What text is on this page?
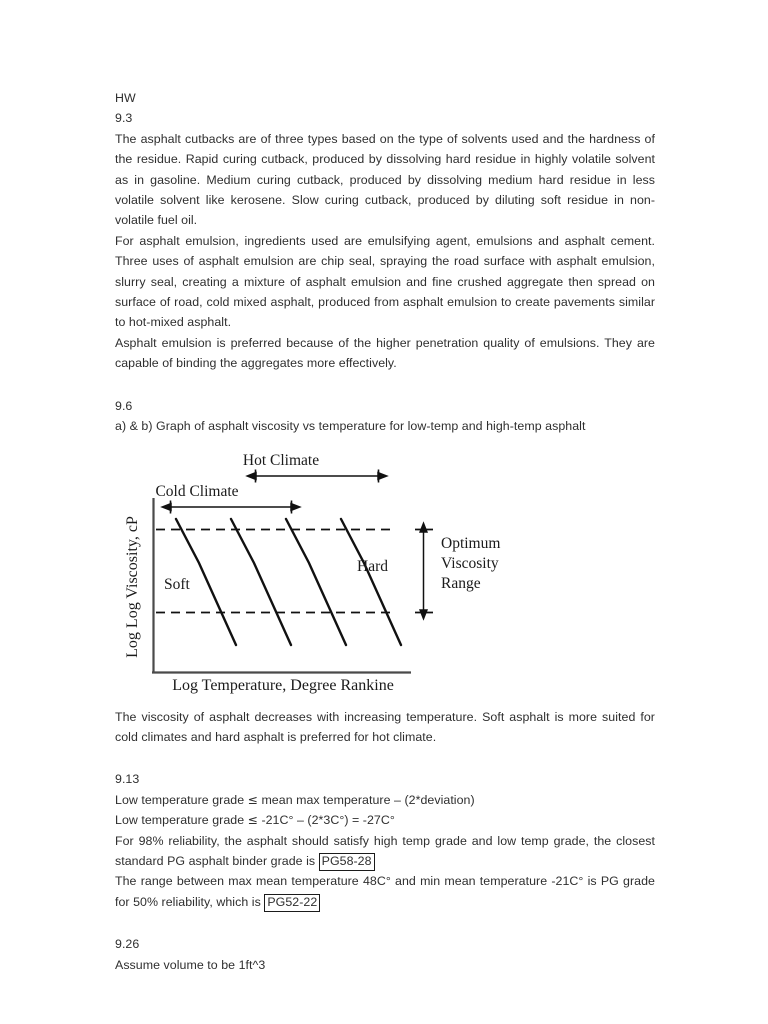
HW
9.3

The asphalt cutbacks are of three types based on the type of solvents used and the hardness of the residue. Rapid curing cutback, produced by dissolving hard residue in highly volatile solvent as in gasoline. Medium curing cutback, produced by dissolving medium hard residue in less volatile solvent like kerosene. Slow curing cutback, produced by diluting soft residue in non-volatile fuel oil.

For asphalt emulsion, ingredients used are emulsifying agent, emulsions and asphalt cement. Three uses of asphalt emulsion are chip seal, spraying the road surface with asphalt emulsion, slurry seal, creating a mixture of asphalt emulsion and fine crushed aggregate then spread on surface of road, cold mixed asphalt, produced from asphalt emulsion to create pavements similar to hot-mixed asphalt.

Asphalt emulsion is preferred because of the higher penetration quality of emulsions. They are capable of binding the aggregates more effectively.

9.6
a) & b) Graph of asphalt viscosity vs temperature for low-temp and high-temp asphalt
Hot Climate
Cold Climate
Log Log Viscosity, cP
Log Temperature, Degree Rankine
Soft
Hard
Optimum
Viscosity
Range

The viscosity of asphalt decreases with increasing temperature. Soft asphalt is more suited for cold climates and hard asphalt is preferred for hot climate.

9.13
Low temperature grade ≤ mean max temperature – (2*deviation)
Low temperature grade ≤ -21C° – (2*3C°) = -27C°

For 98% reliability, the asphalt should satisfy high temp grade and low temp grade, the closest standard PG asphalt binder grade is PG58-28

The range between max mean temperature 48C° and min mean temperature -21C° is PG grade for 50% reliability, which is PG52-22

9.26
Assume volume to be 1ft^3
